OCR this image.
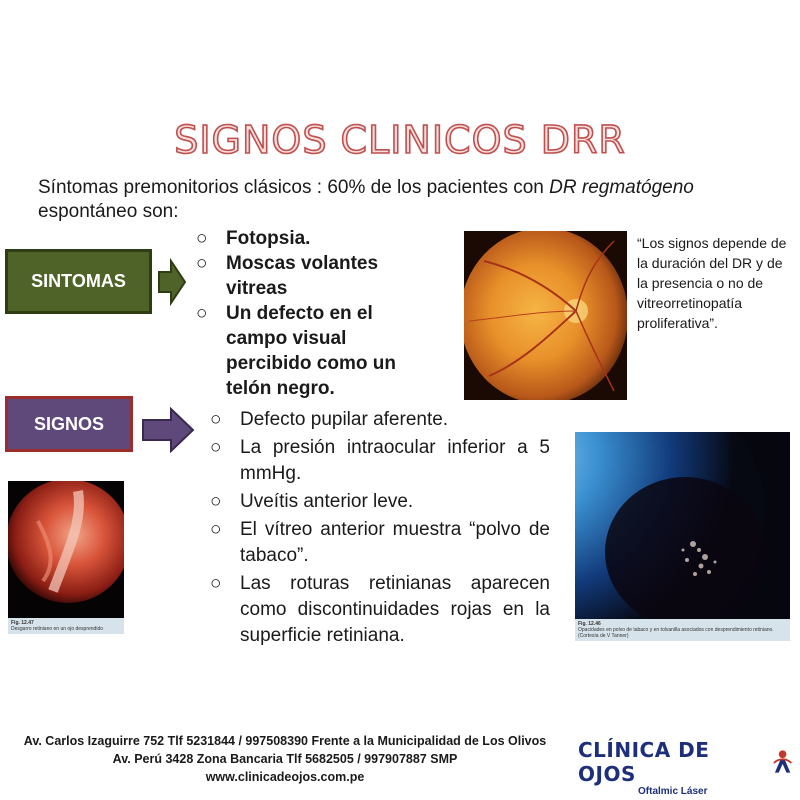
SIGNOS CLINICOS DRR
Síntomas premonitorios clásicos : 60% de los pacientes con DR regmatógeno espontáneo son:
SINTOMAS
○ Fotopsia.
○ Moscas volantes vitreas
○ Un defecto en el campo visual   percibido como un telón negro.
“Los signos depende de la duración del DR y de la presencia o no de vitreorretinopatía proliferativa”.
SIGNOS	○ Defecto pupilar aferente.
○ La presión intraocular inferior a 5 mmHg.
○ Uveítis anterior leve.
○ El vítreo anterior muestra “polvo de tabaco”.
○ Las roturas retinianas aparecen como discontinuidades rojas en la superficie retiniana.
Fig. 12.47
Desgarro retiniano en un ojo desprendido
Fig. 12.46
Opacidades en polvo de tabaco y en tolvanilla asociados con desprendimiento retiniano. (Cortesía de V Tanner)
Av. Carlos Izaguirre 752 Tlf 5231844 / 997508390 Frente a la Municipalidad de Los Olivos
Av. Perú 3428 Zona Bancaria Tlf 5682505 / 997907887 SMP
www.clinicadeojos.com.pe
CLÍNICA DE OJOS
Oftalmic Láser
